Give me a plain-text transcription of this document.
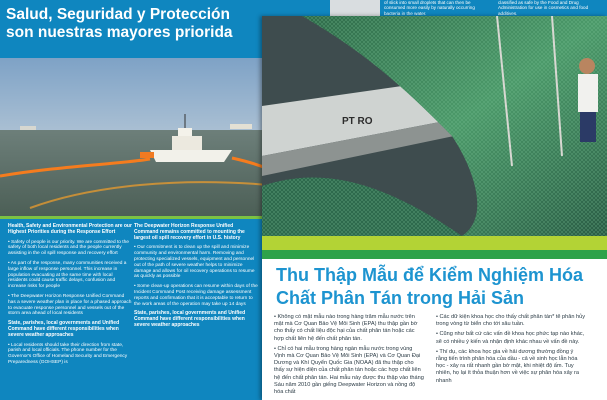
Salud, Seguridad y Protección
son nuestras mayores priorida

Health, Safety and Environmental Protection are our Highest Priorities during the Response Effort

• Safety of people is our priority. We are committed to the safety of both local residents and the people currently assisting in the oil spill response and recovery effort

• As part of the response, many communities received a large inflow of response personnel. This increase in population evacuating at the same time with local residents could cause traffic delays, confusion and increase risks for people

• The Deepwater Horizon Response Unified Command has a severe weather plan in place for a phased approach to evacuate response personnel and vessels out of the storm area ahead of local residents

State, parishes, local governments and Unified Command have different responsibilities when severe weather approaches

• Local residents should take their direction from state, parish and local officials. The phone number for the Governor's Office of Homeland Security and Emergency Preparedness (GOHSEP) is

The Deepwater Horizon Response Unified Command remains committed to mounting the largest oil spill recovery effort in U.S. history

• Our commitment is to clean up the spill and minimize community and environmental harm. Removing and protecting specialized vessels, equipment and personnel out of the path of severe weather helps to minimize damage and allows for oil recovery operations to resume as quickly as possible

• Some clean-up operations can resume within days of the Incident Command Post receiving damage assessment reports and confirmation that it is acceptable to return to the work areas of the operation may take up 14 days

State, parishes, local governments and Unified Command have different responsibilities when severe weather approaches

of slick into small droplets that can then be consumed more easily by naturally occurring bacteria in the water.
classified as safe by the Food and Drug Administration for use in cosmetics and food additives.
PT RO
Thu Thập Mẫu để Kiểm Nghiệm Hóa Chất Phân Tán trong Hải Sản

• Không có mặt mẫu nào trong hàng trăm mẫu nước trên mặt mà Cơ Quan Bảo Vệ Môi Sinh (EPA) thu thập gần bờ cho thấy có chất liệu độc hại của chất phân tán hoặc các hợp chất liên hệ đến chất phân tán.

• Chỉ có hai mẫu trong hàng ngàn mẫu nước trong vùng Vịnh mà Cơ Quan Bảo Vệ Môi Sinh (EPA) và Cơ Quan Đại Dương và Khí Quyển Quốc Gia (NOAA) đã thu thập cho thấy sự hiện diện của chất phân tán hoặc các hợp chất liên hệ đến chất phân tán. Hai mẫu này được thu thập vào tháng Sáu năm 2010 gần giếng Deepwater Horizon và nồng độ hóa chất

• Các dữ kiện khoa học cho thấy chất phân tán* tẽ phân hủy trong vòng từ biển cho tới sâu tuần.

• Cũng như bất cứ các vấn đề khoa học phức tạp nào khác, sẽ có nhiều ý kiến và nhận định khác nhau về vấn đề này.

• Thí dụ, các khoa học gia về hải dương thường đồng ý rằng tiến trình phân hóa của dầu - cả về sinh học lẫn hóa học - xảy ra rất nhanh gần bờ mặt, khi nhiệt độ ấm. Tuy nhiên, họ lại ít thỏa thuận hơn về việc sự phân hóa xảy ra nhanh
